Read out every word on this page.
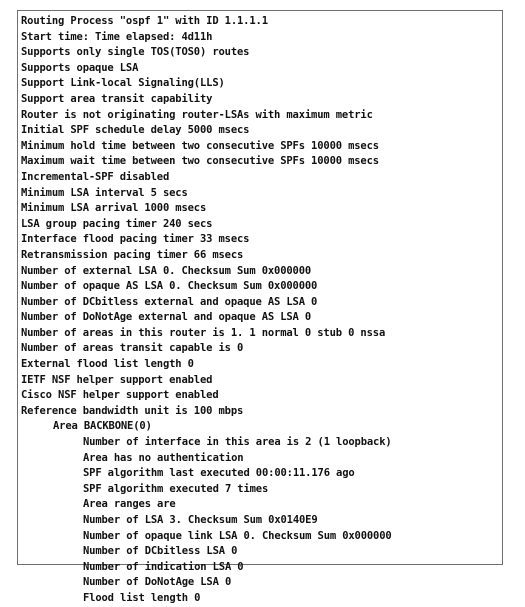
Routing Process "ospf 1" with ID 1.1.1.1
Start time: Time elapsed: 4d11h
Supports only single TOS(TOS0) routes
Supports opaque LSA
Support Link-local Signaling(LLS)
Support area transit capability
Router is not originating router-LSAs with maximum metric
Initial SPF schedule delay 5000 msecs
Minimum hold time between two consecutive SPFs 10000 msecs
Maximum wait time between two consecutive SPFs 10000 msecs
Incremental-SPF disabled
Minimum LSA interval 5 secs
Minimum LSA arrival 1000 msecs
LSA group pacing timer 240 secs
Interface flood pacing timer 33 msecs
Retransmission pacing timer 66 msecs
Number of external LSA 0. Checksum Sum 0x000000
Number of opaque AS LSA 0. Checksum Sum 0x000000
Number of DCbitless external and opaque AS LSA 0
Number of DoNotAge external and opaque AS LSA 0
Number of areas in this router is 1. 1 normal 0 stub 0 nssa
Number of areas transit capable is 0
External flood list length 0
IETF NSF helper support enabled
Cisco NSF helper support enabled
Reference bandwidth unit is 100 mbps
Area BACKBONE(0)
Number of interface in this area is 2 (1 loopback)
Area has no authentication
SPF algorithm last executed 00:00:11.176 ago
SPF algorithm executed 7 times
Area ranges are
Number of LSA 3. Checksum Sum 0x0140E9
Number of opaque link LSA 0. Checksum Sum 0x000000
Number of DCbitless LSA 0
Number of indication LSA 0
Number of DoNotAge LSA 0
Flood list length 0
